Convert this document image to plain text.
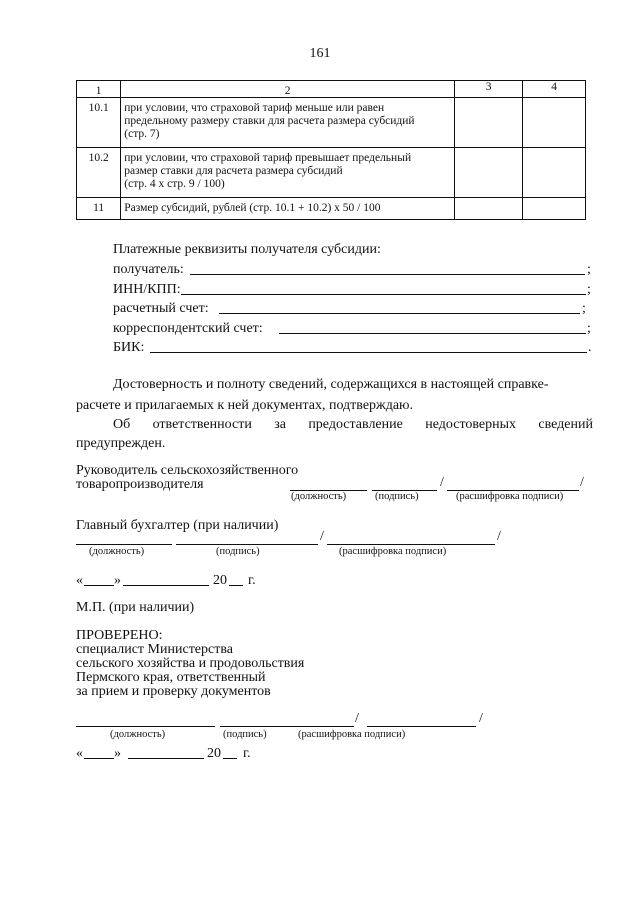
161
1	2	3	4
10.1	при условии, что страховой тариф меньше или равен
предельному размеру ставки для расчета размера субсидий
(стр. 7)		

10.2	при условии, что страховой тариф превышает предельный
размер ставки для расчета размера субсидий
(стр. 4 х стр. 9 / 100)		

11	Размер субсидий, рублей (стр. 10.1 + 10.2) х 50 / 100		

Платежные реквизиты получателя субсидии:
получатель:	;
ИНН/КПП:	;
расчетный счет:	;
корреспондентский счет:	;
БИК:	.
Достоверность и полноту сведений, содержащихся в настоящей справке-
расчете и прилагаемых к ней документах, подтверждаю.
Об ответственности за предоставление недостоверных сведений
предупрежден.
Руководитель сельскохозяйственного
товаропроизводителя	/	/
(должность)	(подпись)	(расшифровка подписи)
Главный бухгалтер (при наличии)
/	/
(должность)	(подпись)	(расшифровка подписи)
« »	20 г.
М.П. (при наличии)
ПРОВЕРЕНО:
специалист Министерства
сельского хозяйства и продовольствия
Пермского края, ответственный
за прием и проверку документов
/	/
(должность)	(подпись)	(расшифровка подписи)
« »	20 г.
